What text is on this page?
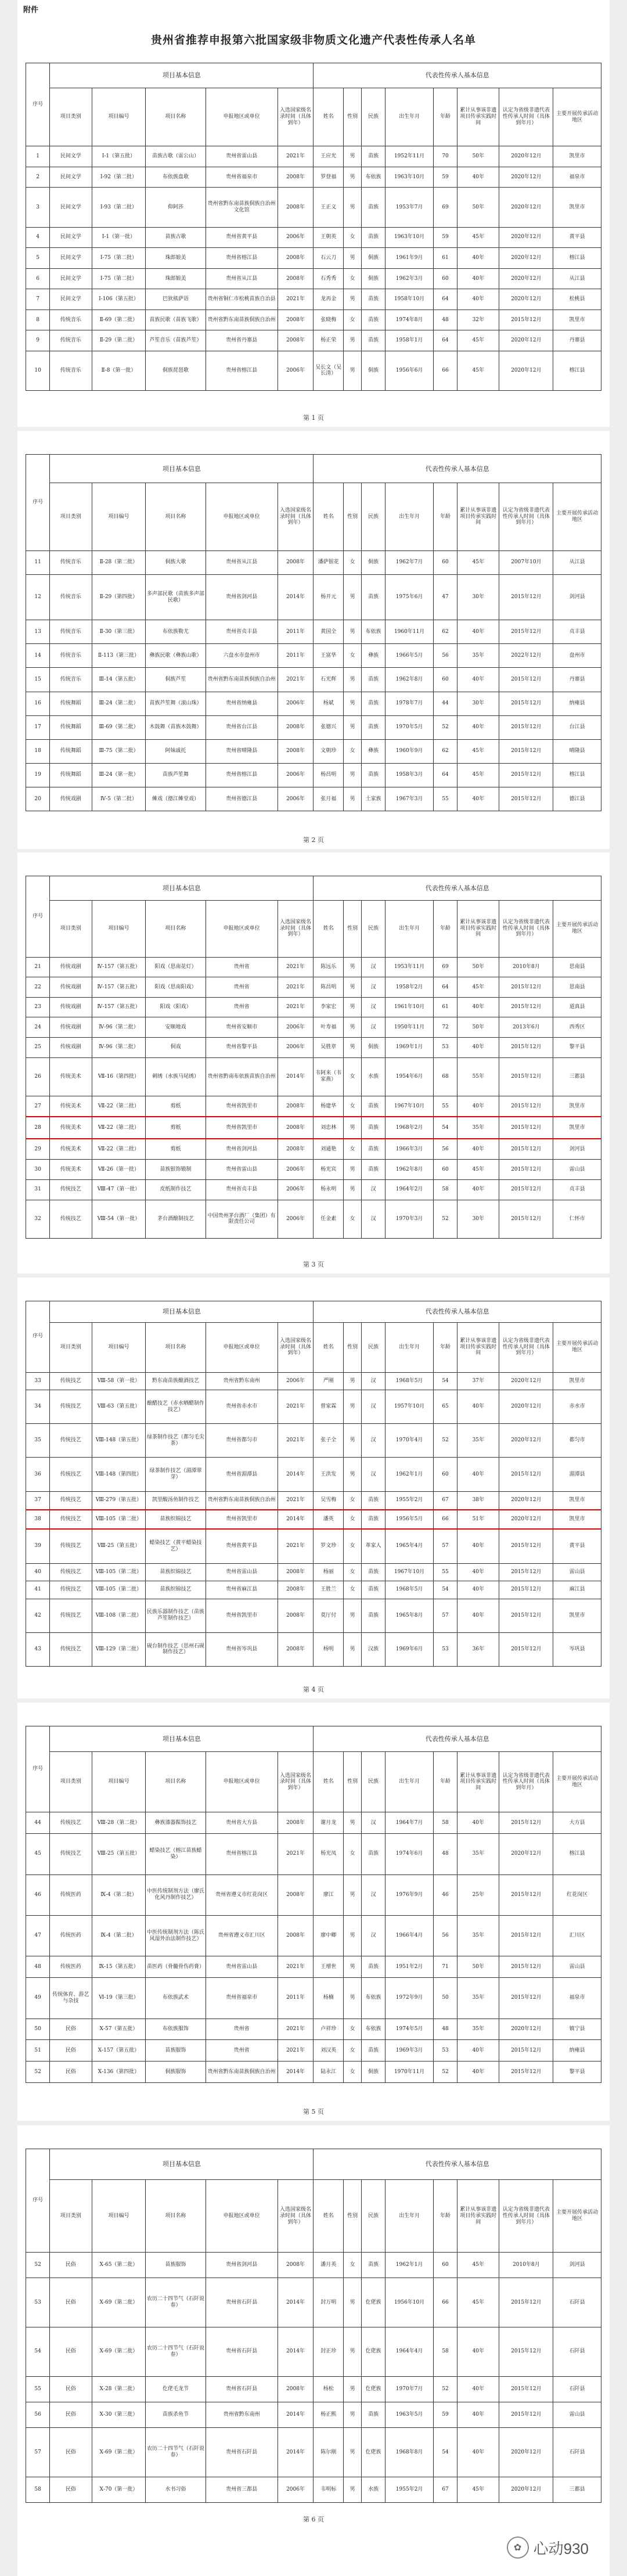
附件
贵州省推荐申报第六批国家级非物质文化遗产代表性传承人名单
序号	项目基本信息					代表性传承人基本信息							
	项目类别	项目编号	项目名称	申报地区或单位	入选国家级名录时间（具体到年）	姓名	性别	民族	出生年月	年龄	累计从事该非遗项目传承实践时间	认定为省级非遗代表性传承人时间（具体到年月）	主要开展传承活动地区
1	民间文学	Ⅰ-1（第五批）	苗族古歌（雷公山）	贵州省雷山县	2021年	王应光	男	苗族	1952年11月	70	50年	2020年12月	凯里市
2	民间文学	Ⅰ-92（第二批）	布依族盘歌	贵州省福泉市	2008年	罗登福	男	布依族	1963年10月	59	40年	2020年12月	福泉市
3	民间文学	Ⅰ-93（第二批）	仰阿莎	贵州省黔东南苗族侗族自治州文化馆	2008年	王正义	男	苗族	1953年7月	69	50年	2020年12月	凯里市
4	民间文学	Ⅰ-1（第一批）	苗族古歌	贵州省黄平县	2006年	王朝英	女	苗族	1963年10月	59	45年	2020年12月	黄平县
5	民间文学	Ⅰ-75（第二批）	珠郎娘美	贵州省榕江县	2008年	石云刀	男	侗族	1961年9月	61	40年	2020年12月	榕江县
6	民间文学	Ⅰ-75（第二批）	珠郎娘美	贵州省从江县	2008年	石秀秀	女	侗族	1962年3月	60	40年	2020年12月	从江县
7	民间文学	Ⅰ-106（第五批）	巴狄熊萨语	贵州省铜仁市松桃苗族自治县	2021年	龙再金	男	苗族	1958年10月	64	40年	2020年12月	松桃县
8	传统音乐	Ⅱ-69（第二批）	苗族民歌（苗族飞歌）	贵州省黔东南苗族侗族自治州	2008年	张晓梅	女	苗族	1974年8月	48	32年	2015年12月	凯里市
9	传统音乐	Ⅱ-29（第二批）	芦笙音乐（苗族芦笙）	贵州省丹寨县	2008年	杨正荣	男	苗族	1958年1月	64	45年	2020年12月	丹寨县
10	传统音乐	Ⅱ-8（第一批）	侗族琵琶歌	贵州省榕江县	2006年	吴长文（吴长清）	男	侗族	1956年6月	66	45年	2020年12月	榕江县
第 1 页
序号	项目基本信息					代表性传承人基本信息							
	项目类别	项目编号	项目名称	申报地区或单位	入选国家级名录时间（具体到年）	姓名	性别	民族	出生年月	年龄	累计从事该非遗项目传承实践时间	认定为省级非遗代表性传承人时间（具体到年月）	主要开展传承活动地区
11	传统音乐	Ⅱ-28（第二批）	侗族大歌	贵州省从江县	2008年	潘萨银花	女	侗族	1962年7月	60	45年	2007年10月	从江县
12	传统音乐	Ⅱ-29（第四批）	多声部民歌（苗族多声部民歌）	贵州省剑河县	2014年	杨开元	男	苗族	1975年6月	47	30年	2015年12月	剑河县
13	传统音乐	Ⅱ-30（第三批）	布依族勒尤	贵州省贞丰县	2011年	黄国全	男	布依族	1960年11月	62	40年	2015年12月	贞丰县
14	传统音乐	Ⅱ-113（第三批）	彝族民歌（彝族山歌）	六盘水市盘州市	2011年	王富华	女	彝族	1966年5月	56	35年	2022年12月	盘州市
15	传统音乐	Ⅲ-14（第五批）	侗族芦笙	贵州省黔东南苗族侗族自治州	2021年	石光辉	男	苗族	1962年8月	60	40年	2015年12月	丹寨县
16	传统舞蹈	Ⅲ-24（第二批）	苗族芦笙舞（滚山珠）	贵州省纳雍县	2006年	杨斌	男	苗族	1978年7月	44	30年	2015年12月	纳雍县
17	传统舞蹈	Ⅲ-69（第二批）	木鼓舞（苗族木鼓舞）	贵州省台江县	2008年	张德兴	男	苗族	1970年5月	52	40年	2015年12月	台江县
18	传统舞蹈	Ⅲ-75（第二批）	阿妹戚托	贵州省晴隆县	2008年	文朝珍	女	彝族	1960年9月	62	45年	2015年12月	晴隆县
19	传统舞蹈	Ⅲ-24（第一批）	苗族芦笙舞	贵州省榕江县	2006年	杨昌明	男	苗族	1958年3月	64	45年	2015年12月	榕江县
20	传统戏剧	Ⅳ-5（第二批）	傩戏（德江傩堂戏）	贵州省德江县	2006年	张月福	男	土家族	1967年3月	55	40年	2015年12月	德江县
第 2 页
序号	项目基本信息					代表性传承人基本信息							
	项目类别	项目编号	项目名称	申报地区或单位	入选国家级名录时间（具体到年）	姓名	性别	民族	出生年月	年龄	累计从事该非遗项目传承实践时间	认定为省级非遗代表性传承人时间（具体到年月）	主要开展传承活动地区
21	传统戏剧	Ⅳ-157（第五批）	阳戏（思南花灯）	贵州省	2021年	陈远乐	男	汉	1953年11月	69	50年	2010年8月	思南县
22	传统戏剧	Ⅳ-157（第五批）	阳戏（思南阳戏）	贵州省	2021年	陈昌明	男	汉	1958年2月	64	45年	2015年12月	思南县
23	传统戏剧	Ⅳ-157（第五批）	阳戏（阳戏）	贵州省	2021年	李家宏	男	汉	1961年10月	61	40年	2015年12月	道真县
24	传统戏剧	Ⅳ-96（第二批）	安顺地戏	贵州省安顺市	2006年	叶寿福	男	汉	1950年11月	72	50年	2013年6月	西秀区
25	传统戏剧	Ⅳ-96（第二批）	侗戏	贵州省黎平县	2006年	吴胜章	男	侗族	1969年1月	53	40年	2015年12月	黎平县
26	传统美术	Ⅶ-16（第四批）	刺绣（水族马尾绣）	贵州省黔南布依族苗族自治州	2014年	韦阿来（韦家燕）	女	水族	1954年6月	68	55年	2015年12月	三都县
27	传统美术	Ⅶ-22（第二批）	剪纸	贵州省凯里市	2008年	杨建华	女	苗族	1967年10月	55	40年	2015年12月	凯里市
28	传统美术	Ⅶ-22（第二批）	剪纸	贵州省凯里市	2008年	刘忠林	男	苗族	1968年2月	54	35年	2015年12月	凯里市
29	传统美术	Ⅶ-22（第二批）	剪纸	贵州省剑河县	2008年	刘通艳	女	苗族	1966年3月	56	40年	2015年12月	剑河县
30	传统美术	Ⅶ-26（第一批）	苗族银饰锻制	贵州省雷山县	2006年	杨光宾	男	苗族	1962年8月	60	45年	2015年12月	雷山县
31	传统技艺	Ⅷ-47（第一批）	皮纸制作技艺	贵州省贞丰县	2006年	杨永明	男	汉	1964年2月	58	40年	2015年12月	贞丰县
32	传统技艺	Ⅷ-54（第一批）	茅台酒酿制技艺	中国贵州茅台酒厂（集团）有限责任公司	2006年	任金素	女	汉	1970年3月	52	30年	2015年12月	仁怀市
第 3 页
序号	项目基本信息					代表性传承人基本信息							
	项目类别	项目编号	项目名称	申报地区或单位	入选国家级名录时间（具体到年）	姓名	性别	民族	出生年月	年龄	累计从事该非遗项目传承实践时间	认定为省级非遗代表性传承人时间（具体到年月）	主要开展传承活动地区
33	传统技艺	Ⅷ-58（第一批）	黔东南苗族酿酒技艺	贵州省黔东南州	2006年	严刚	男	汉	1968年5月	54	37年	2020年12月	凯里市
34	传统技艺	Ⅷ-63（第五批）	酿醋技艺（赤水晒醋制作技艺）	贵州省赤水市	2021年	曾家霖	男	汉	1957年10月	65	40年	2020年12月	赤水市
35	传统技艺	Ⅷ-148（第五批）	绿茶制作技艺（都匀毛尖茶）	贵州省都匀市	2021年	张子全	男	汉	1970年4月	52	35年	2020年12月	都匀市
36	传统技艺	Ⅷ-148（第四批）	绿茶制作技艺（湄潭翠芽）	贵州省湄潭县	2014年	王洪发	男	汉	1962年1月	60	40年	2015年12月	湄潭县
37	传统技艺	Ⅷ-279（第五批）	凯里酸汤鱼制作技艺	贵州省黔东南苗族侗族自治州	2021年	吴雪梅	女	苗族	1955年2月	67	38年	2020年12月	凯里市
38	传统技艺	Ⅷ-105（第二批）	苗族织锦技艺	贵州省凯里市	2014年	潘英	女	苗族	1956年5月	66	51年	2020年12月	凯里市
39	传统技艺	Ⅷ-25（第五批）	蜡染技艺（黄平蜡染技艺）	贵州省黄平县	2021年	罗文珍	女	革家人	1965年4月	57	40年	2015年12月	黄平县
40	传统技艺	Ⅷ-105（第二批）	苗族织锦技艺	贵州省雷山县	2008年	杨丽	女	苗族	1967年10月	55	40年	2015年12月	雷山县
41	传统技艺	Ⅷ-105（第二批）	苗族织锦技艺	贵州省麻江县	2008年	王胜兰	女	苗族	1968年5月	54	40年	2015年12月	麻江县
42	传统技艺	Ⅷ-108（第二批）	民族乐器制作技艺（苗族芦笙制作技艺）	贵州省凯里市	2008年	莫厅付	男	苗族	1965年8月	57	40年	2015年12月	凯里市
43	传统技艺	Ⅷ-129（第二批）	砚台制作技艺（思州石砚制作技艺）	贵州省岑巩县	2008年	杨明	男	汉族	1969年6月	53	36年	2015年12月	岑巩县
第 4 页
序号	项目基本信息					代表性传承人基本信息							
	项目类别	项目编号	项目名称	申报地区或单位	入选国家级名录时间（具体到年）	姓名	性别	民族	出生年月	年龄	累计从事该非遗项目传承实践时间	认定为省级非遗代表性传承人时间（具体到年月）	主要开展传承活动地区
44	传统技艺	Ⅷ-28（第二批）	彝族漆器髹饰技艺	贵州省大方县	2008年	谢月龙	男	汉	1964年7月	58	40年	2015年12月	大方县
45	传统技艺	Ⅷ-25（第五批）	蜡染技艺（榕江苗族蜡染）	贵州省榕江县	2021年	杨光凤	女	苗族	1974年6月	48	35年	2020年12月	榕江县
46	传统医药	Ⅸ-4（第二批）	中医传统制剂方法（廖氏化风丹制作技艺）	贵州省遵义市红花岗区	2008年	廖江	男	汉	1976年9月	46	25年	2015年12月	红花岗区
47	传统医药	Ⅸ-4（第二批）	中医传统制剂方法（陈氏风湿外治法制作技艺）	贵州省遵义市汇川区	2008年	廖中卿	男	汉	1966年4月	56	35年	2015年12月	汇川区
48	传统医药	Ⅸ-15（第五批）	苗医药（骨髓骨伤药膏）	贵州省雷山县	2021年	王增世	男	苗族	1951年2月	71	50年	2015年12月	雷山县
49	传统体育、游艺与杂技	Ⅵ-19（第三批）	布依族武术	贵州省福泉市	2011年	杨楠	男	布依族	1972年9月	50	35年	2015年12月	福泉市
50	民俗	Ⅹ-57（第五批）	布依族服饰	贵州省	2021年	卢祥珍	女	布依族	1974年5月	48	35年	2020年12月	镇宁县
51	民俗	Ⅹ-157（第五批）	苗族服饰	贵州省	2021年	刘汉英	女	苗族	1969年3月	53	40年	2015年12月	纳雍县
52	民俗	Ⅹ-136（第四批）	侗族服饰	贵州省黔东南苗族侗族自治州	2014年	陆永江	女	侗族	1970年11月	52	40年	2015年12月	黎平县
第 5 页
序号	项目基本信息					代表性传承人基本信息							
	项目类别	项目编号	项目名称	申报地区或单位	入选国家级名录时间（具体到年）	姓名	性别	民族	出生年月	年龄	累计从事该非遗项目传承实践时间	认定为省级非遗代表性传承人时间（具体到年月）	主要开展传承活动地区
52	民俗	Ⅹ-65（第二批）	苗族服饰	贵州省剑河县	2008年	潘月英	女	苗族	1962年1月	60	45年	2010年8月	剑河县
53	民俗	Ⅹ-69（第二批）	农历二十四节气（石阡说春）	贵州省石阡县	2014年	封万明	男	仡佬族	1956年10月	66	45年	2015年12月	石阡县
54	民俗	Ⅹ-69（第二批）	农历二十四节气（石阡说春）	贵州省石阡县	2014年	封正珍	男	仡佬族	1964年4月	58	40年	2015年12月	石阡县
55	民俗	Ⅹ-28（第二批）	仡佬毛龙节	贵州省石阡县	2008年	杨松	男	仡佬族	1970年7月	52	40年	2015年12月	石阡县
56	民俗	Ⅹ-30（第三批）	苗族杀鱼节	贵州省黔东南州	2014年	杨正熙	男	苗族	1963年5月	59	40年	2015年12月	雷山县
57	民俗	Ⅹ-69（第二批）	农历二十四节气（石阡说春）	贵州省石阡县	2014年	陈尔刚	男	仡佬族	1968年8月	54	40年	2020年12月	石阡县
58	民俗	Ⅹ-70（第一批）	水书习俗	贵州省三都县	2006年	韦明标	男	水族	1955年2月	67	45年	2020年12月	三都县
第 6 页
✿ 心动930
